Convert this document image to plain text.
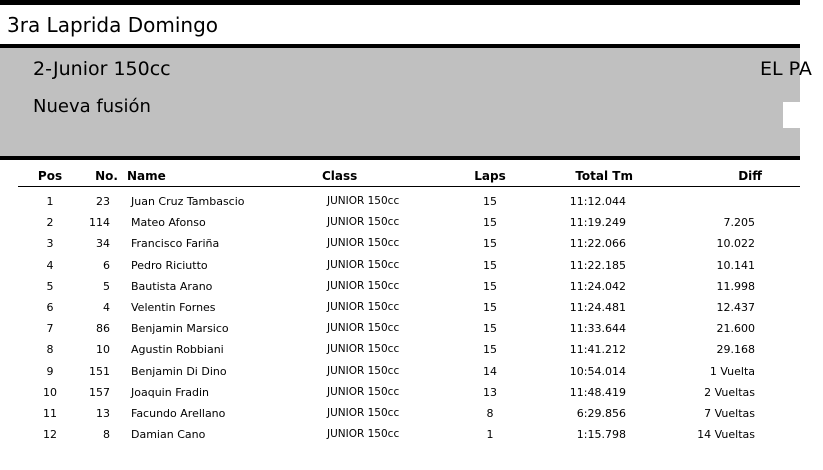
3ra Laprida Domingo
2-Junior 150cc
Nueva fusión
EL PA
Pos	No. Name	Class	Laps	Total Tm	Diff
1	23 Juan Cruz Tambascio	JUNIOR 150cc	15	11:12.044
2	114 Mateo Afonso	JUNIOR 150cc	15	11:19.249	7.205
3	34 Francisco Fariña	JUNIOR 150cc	15	11:22.066	10.022
4	6 Pedro Riciutto	JUNIOR 150cc	15	11:22.185	10.141
5	5 Bautista Arano	JUNIOR 150cc	15	11:24.042	11.998
6	4 Velentin Fornes	JUNIOR 150cc	15	11:24.481	12.437
7	86 Benjamin Marsico	JUNIOR 150cc	15	11:33.644	21.600
8	10 Agustin Robbiani	JUNIOR 150cc	15	11:41.212	29.168
9	151 Benjamin Di Dino	JUNIOR 150cc	14	10:54.014	1 Vuelta
10	157 Joaquin Fradin	JUNIOR 150cc	13	11:48.419	2 Vueltas
11	13 Facundo Arellano	JUNIOR 150cc	8	6:29.856	7 Vueltas
12	8 Damian Cano	JUNIOR 150cc	1	1:15.798	14 Vueltas
